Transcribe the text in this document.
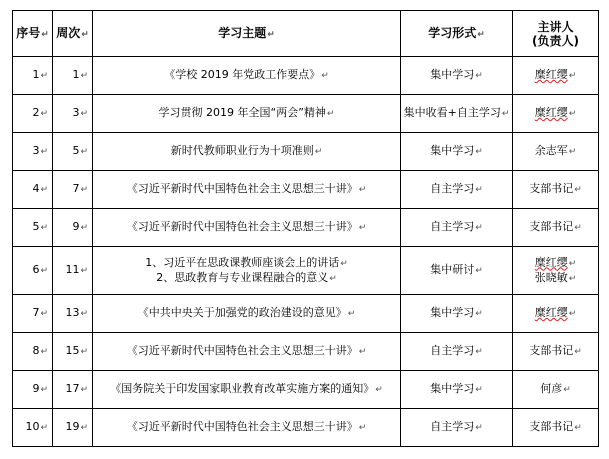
序号↵	周次↵	学习主题↵	学习形式↵	主讲人
(负责人)

1↵	1↵	《学校 2019 年党政工作要点》↵	集中学习↵	糜红缨↵

2↵	3↵	学习贯彻 2019 年全国“两会”精神↵	集中收看+自主学习↵	糜红缨↵

3↵	5↵	新时代教师职业行为十项准则↵	集中学习↵	余志军↵

4↵	7↵	《习近平新时代中国特色社会主义思想三十讲》↵	自主学习↵	支部书记↵

5↵	9↵	《习近平新时代中国特色社会主义思想三十讲》↵	自主学习↵	支部书记↵

6↵	11↵	1、习近平在思政课教师座谈会上的讲话↵
2、思政教育与专业课程融合的意义↵	集中研讨↵	糜红缨↵
张晓敏↵

7↵	13↵	《中共中央关于加强党的政治建设的意见》↵	集中学习↵	糜红缨↵

8↵	15↵	《习近平新时代中国特色社会主义思想三十讲》↵	自主学习↵	支部书记↵

9↵	17↵	《国务院关于印发国家职业教育改革实施方案的通知》↵	集中学习↵	何彦↵

10↵	19↵	《习近平新时代中国特色社会主义思想三十讲》↵	自主学习↵	支部书记↵
